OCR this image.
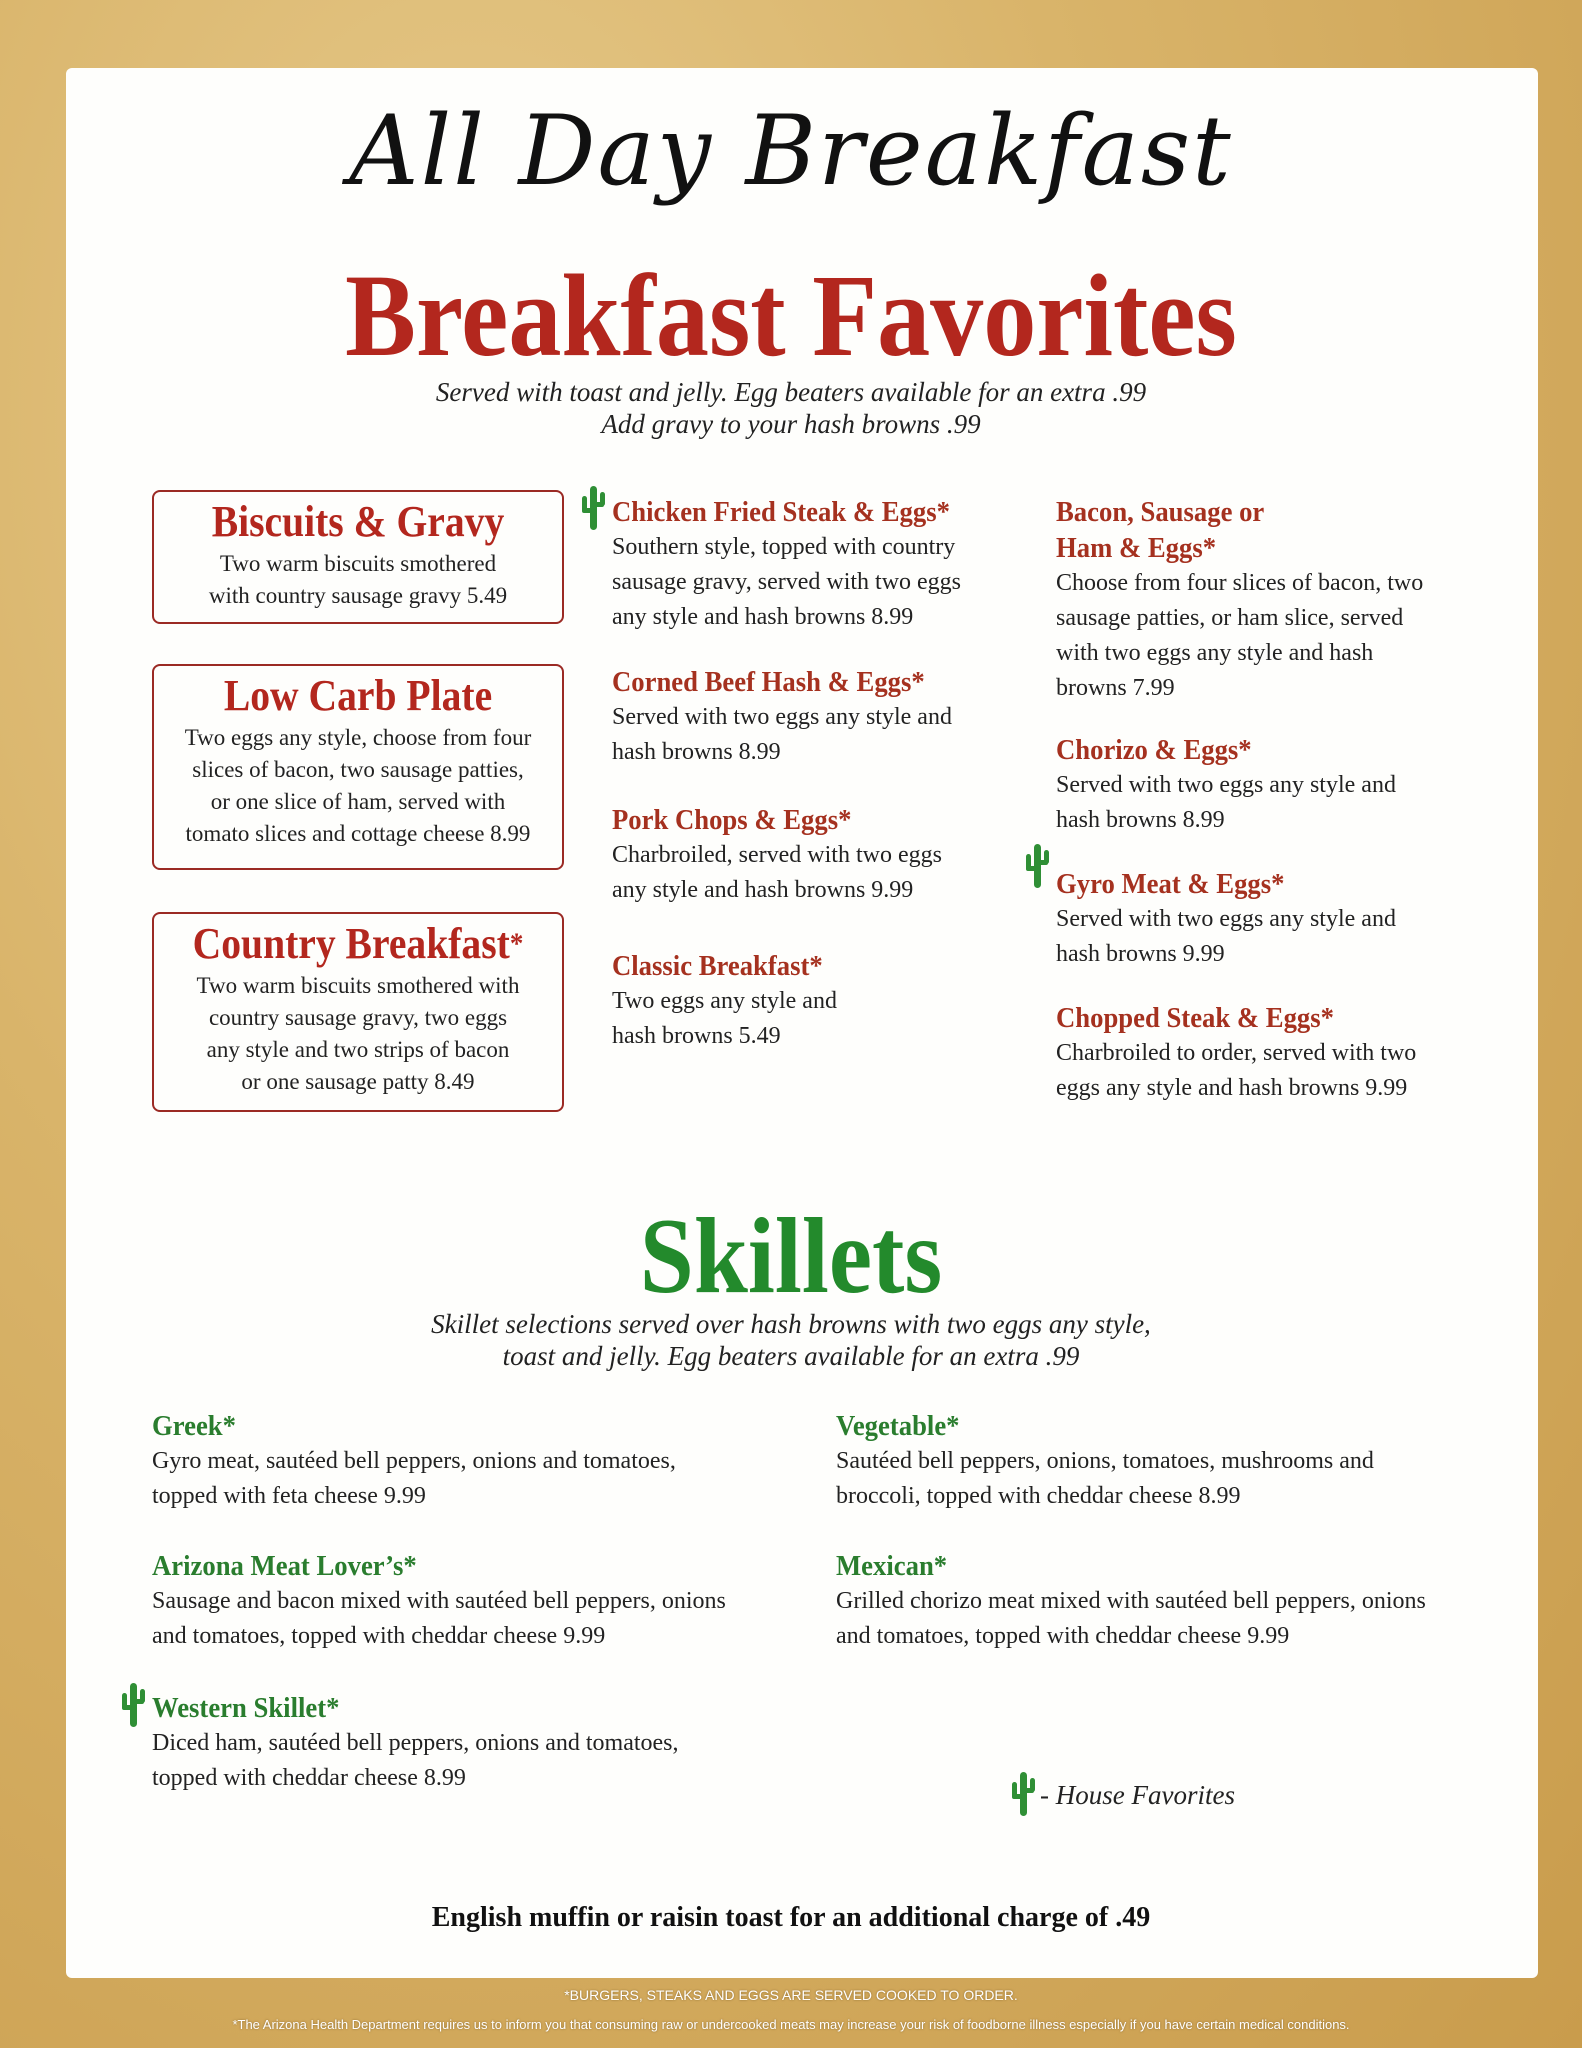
All Day Breakfast
Breakfast Favorites
Served with toast and jelly. Egg beaters available for an extra .99
Add gravy to your hash browns .99
Biscuits & Gravy
Two warm biscuits smothered
with country sausage gravy 5.49
Low Carb Plate
Two eggs any style, choose from four
slices of bacon, two sausage patties,
or one slice of ham, served with
tomato slices and cottage cheese 8.99
Country Breakfast*
Two warm biscuits smothered with
country sausage gravy, two eggs
any style and two strips of bacon
or one sausage patty 8.49
Chicken Fried Steak & Eggs*
Southern style, topped with country
sausage gravy, served with two eggs
any style and hash browns 8.99
Corned Beef Hash & Eggs*
Served with two eggs any style and
hash browns 8.99
Pork Chops & Eggs*
Charbroiled, served with two eggs
any style and hash browns 9.99
Classic Breakfast*
Two eggs any style and
hash browns 5.49
Bacon, Sausage or
Ham & Eggs*
Choose from four slices of bacon, two
sausage patties, or ham slice, served
with two eggs any style and hash
browns 7.99
Chorizo & Eggs*
Served with two eggs any style and
hash browns 8.99
Gyro Meat & Eggs*
Served with two eggs any style and
hash browns 9.99
Chopped Steak & Eggs*
Charbroiled to order, served with two
eggs any style and hash browns 9.99
Skillets
Skillet selections served over hash browns with two eggs any style,
toast and jelly. Egg beaters available for an extra .99
Greek*
Gyro meat, sautéed bell peppers, onions and tomatoes,
topped with feta cheese 9.99
Vegetable*
Sautéed bell peppers, onions, tomatoes, mushrooms and
broccoli, topped with cheddar cheese 8.99
Arizona Meat Lover’s*
Sausage and bacon mixed with sautéed bell peppers, onions
and tomatoes, topped with cheddar cheese 9.99
Mexican*
Grilled chorizo meat mixed with sautéed bell peppers, onions
and tomatoes, topped with cheddar cheese 9.99
Western Skillet*
Diced ham, sautéed bell peppers, onions and tomatoes,
topped with cheddar cheese 8.99
- House Favorites
English muffin or raisin toast for an additional charge of .49
*BURGERS, STEAKS AND EGGS ARE SERVED COOKED TO ORDER.
*The Arizona Health Department requires us to inform you that consuming raw or undercooked meats may increase your risk of foodborne illness especially if you have certain medical conditions.
